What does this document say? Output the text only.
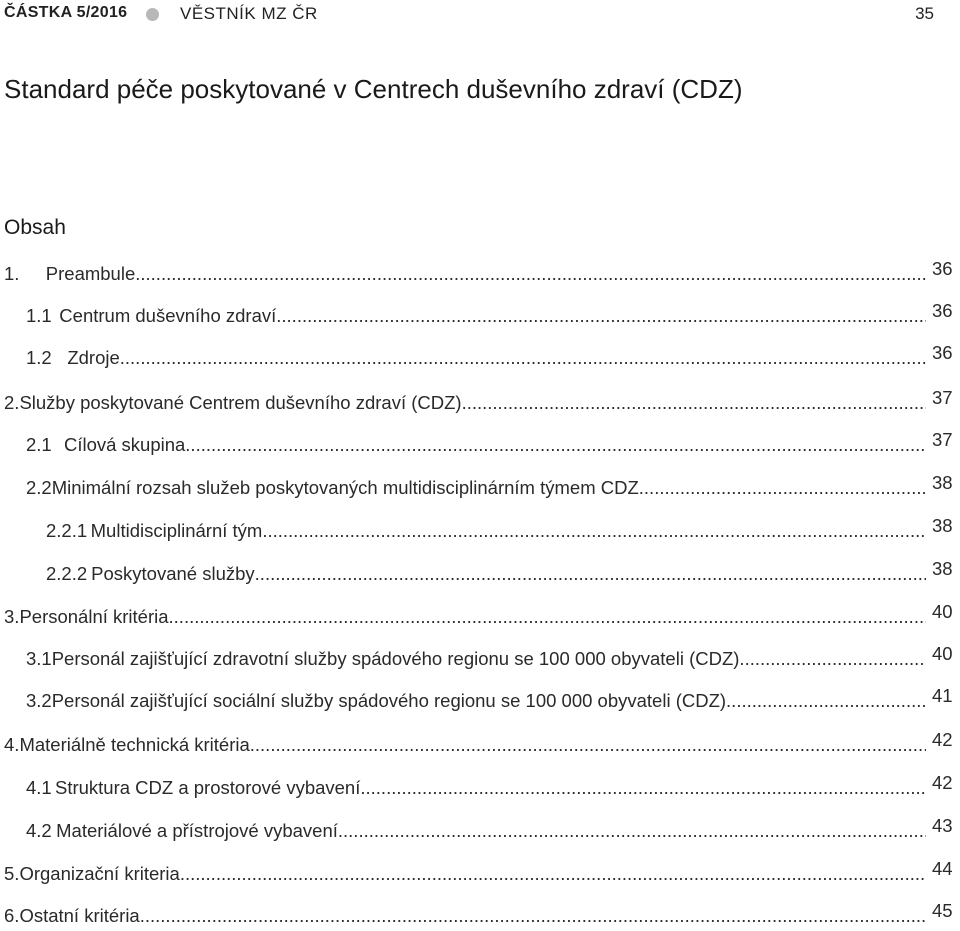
ČÁSTKA 5/2016	VĚSTNÍK MZ ČR	35
Standard péče poskytované v Centrech duševního zdraví (CDZ)
Obsah
1.	Preambule .....	36
1.1 Centrum duševního zdraví .....	36
1.2 Zdroje .....	36
2. Služby poskytované Centrem duševního zdraví (CDZ) .....	37
2.1 Cílová skupina .....	37
2.2 Minimální rozsah služeb poskytovaných multidisciplinárním týmem CDZ .....	38
2.2.1 Multidisciplinární tým .....	38
2.2.2 Poskytované služby .....	38
3. Personální kritéria .....	40
3.1 Personál zajišťující zdravotní služby spádového regionu se 100 000 obyvateli (CDZ). .....	40
3.2 Personál zajišťující sociální služby spádového regionu se 100 000 obyvateli (CDZ) .....	41
4. Materiálně technická kritéria .....	42
4.1 Struktura CDZ a prostorové vybavení .....	42
4.2 Materiálové a přístrojové vybavení .....	43
5. Organizační kriteria .....	44
6. Ostatní kritéria .....	45
